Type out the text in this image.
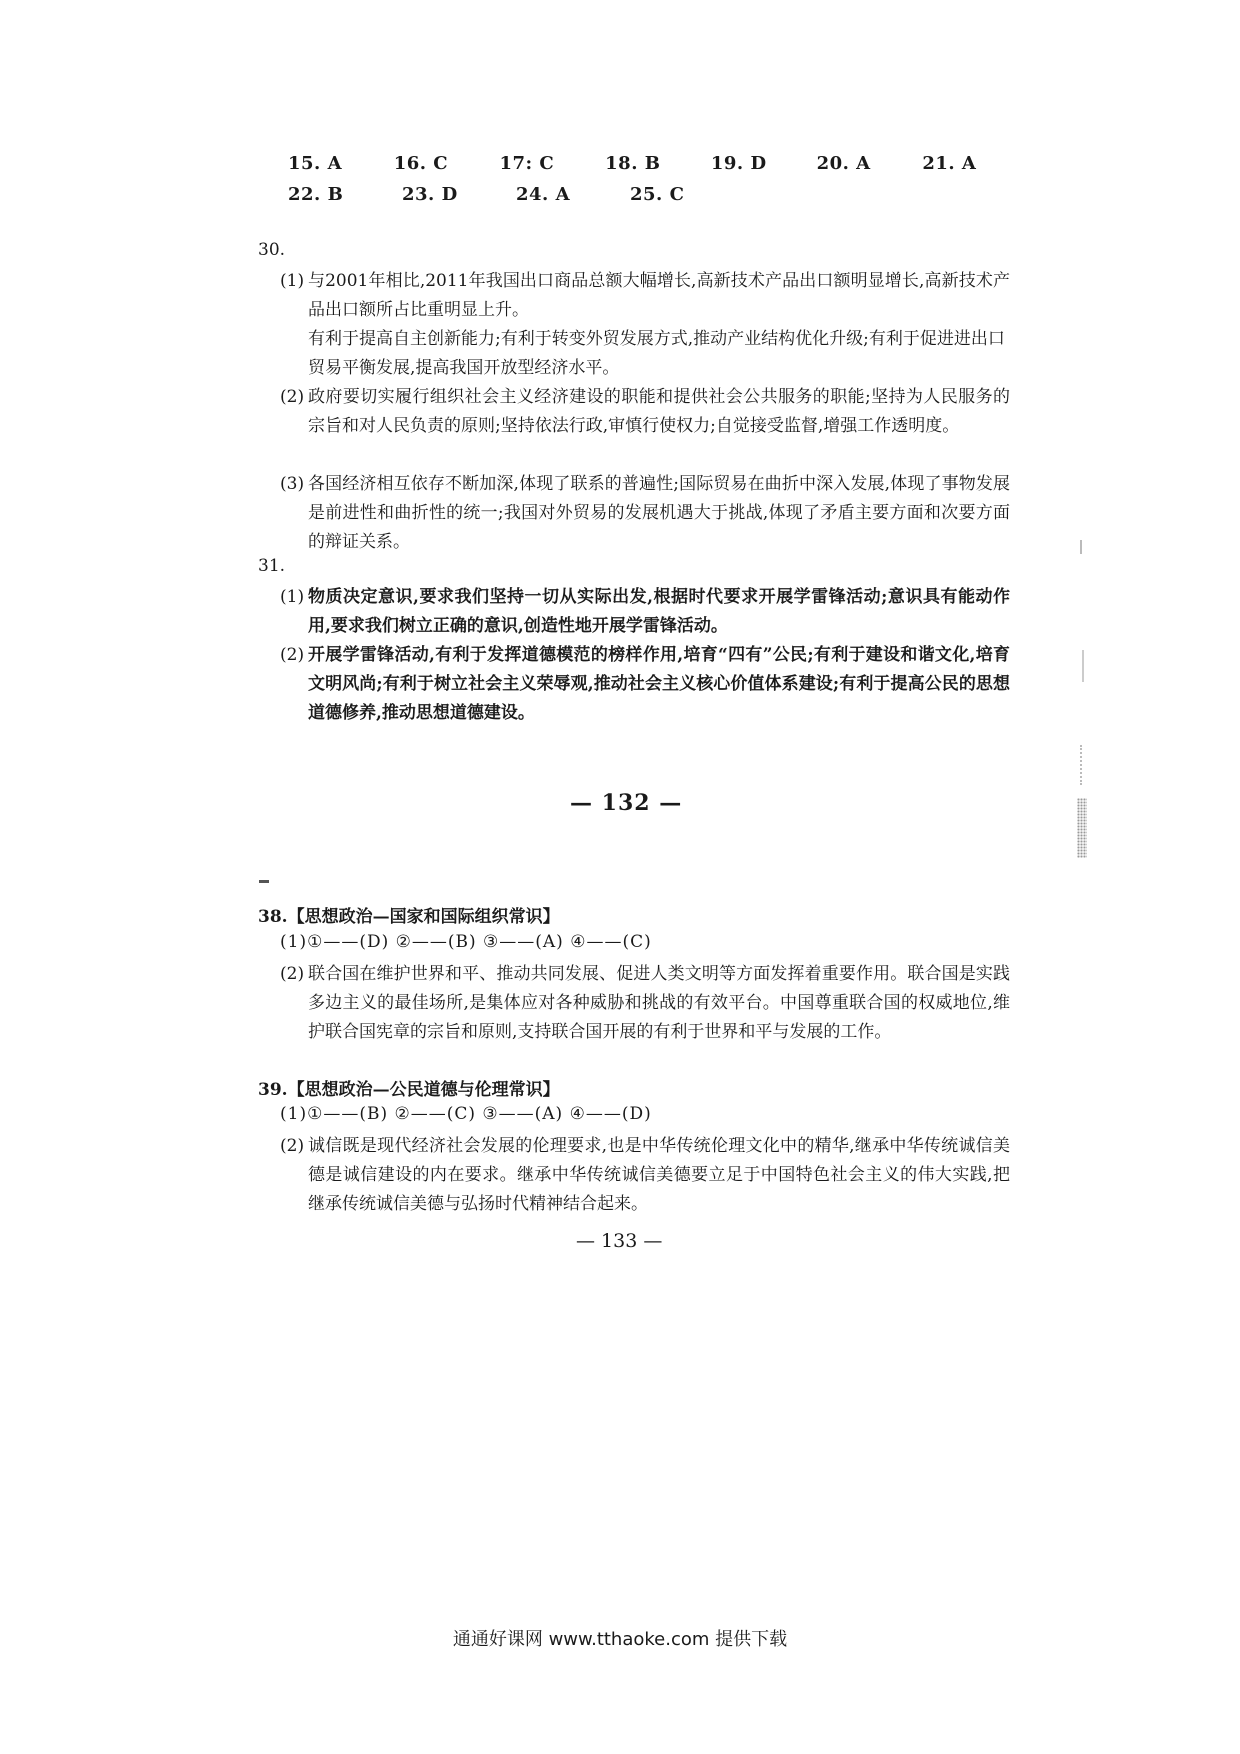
15. A	16. C	17: C	18. B	19. D	20. A	21. A
22. B	23. D	24. A	25. C
30.
(1) 与2001年相比,2011年我国出口商品总额大幅增长,高新技术产品出口额明显增长,高新技术产品出口额所占比重明显上升。
有利于提高自主创新能力;有利于转变外贸发展方式,推动产业结构优化升级;有利于促进进出口贸易平衡发展,提高我国开放型经济水平。
(2) 政府要切实履行组织社会主义经济建设的职能和提供社会公共服务的职能;坚持为人民服务的宗旨和对人民负责的原则;坚持依法行政,审慎行使权力;自觉接受监督,增强工作透明度。
(3) 各国经济相互依存不断加深,体现了联系的普遍性;国际贸易在曲折中深入发展,体现了事物发展是前进性和曲折性的统一;我国对外贸易的发展机遇大于挑战,体现了矛盾主要方面和次要方面的辩证关系。
31.
(1) 物质决定意识,要求我们坚持一切从实际出发,根据时代要求开展学雷锋活动;意识具有能动作用,要求我们树立正确的意识,创造性地开展学雷锋活动。
(2) 开展学雷锋活动,有利于发挥道德模范的榜样作用,培育“四有”公民;有利于建设和谐文化,培育文明风尚;有利于树立社会主义荣辱观,推动社会主义核心价值体系建设;有利于提高公民的思想道德修养,推动思想道德建设。
— 132 —
38.【思想政治—国家和国际组织常识】
(1)①——(D) ②——(B) ③——(A) ④——(C)
(2) 联合国在维护世界和平、推动共同发展、促进人类文明等方面发挥着重要作用。联合国是实践多边主义的最佳场所,是集体应对各种威胁和挑战的有效平台。中国尊重联合国的权威地位,维护联合国宪章的宗旨和原则,支持联合国开展的有利于世界和平与发展的工作。
39.【思想政治—公民道德与伦理常识】
(1)①——(B) ②——(C) ③——(A) ④——(D)
(2) 诚信既是现代经济社会发展的伦理要求,也是中华传统伦理文化中的精华,继承中华传统诚信美德是诚信建设的内在要求。继承中华传统诚信美德要立足于中国特色社会主义的伟大实践,把继承传统诚信美德与弘扬时代精神结合起来。
— 133 —
通通好课网 www.tthaoke.com 提供下载
